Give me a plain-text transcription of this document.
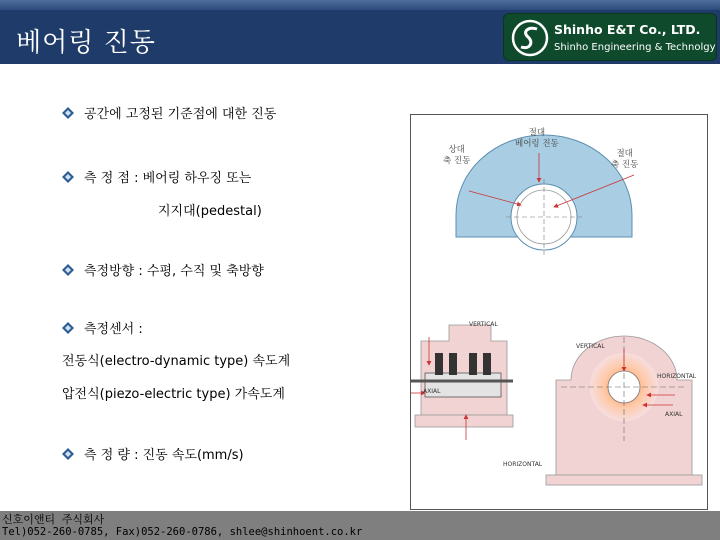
베어링 진동	Shinho E&T Co., LTD.
Shinho Engineering & Technolgy
공간에 고정된 기준점에 대한 진동
측 정 점 : 베어링 하우징 또는
지지대(pedestal)
측정방향 : 수평, 수직 및 축방향
측정센서 :
전동식(electro-dynamic type) 속도계
압전식(piezo-electric type) 가속도계
측 정 량 : 진동 속도(mm/s)
상대
축 진동
절대
베어링 진동
절대
축 진동
VERTICAL
VERTICAL
AXIAL
HORIZONTAL
HORIZONTAL
AXIAL
신호이앤티 주식회사
Tel)052-260-0785, Fax)052-260-0786, shlee@shinhoent.co.kr
